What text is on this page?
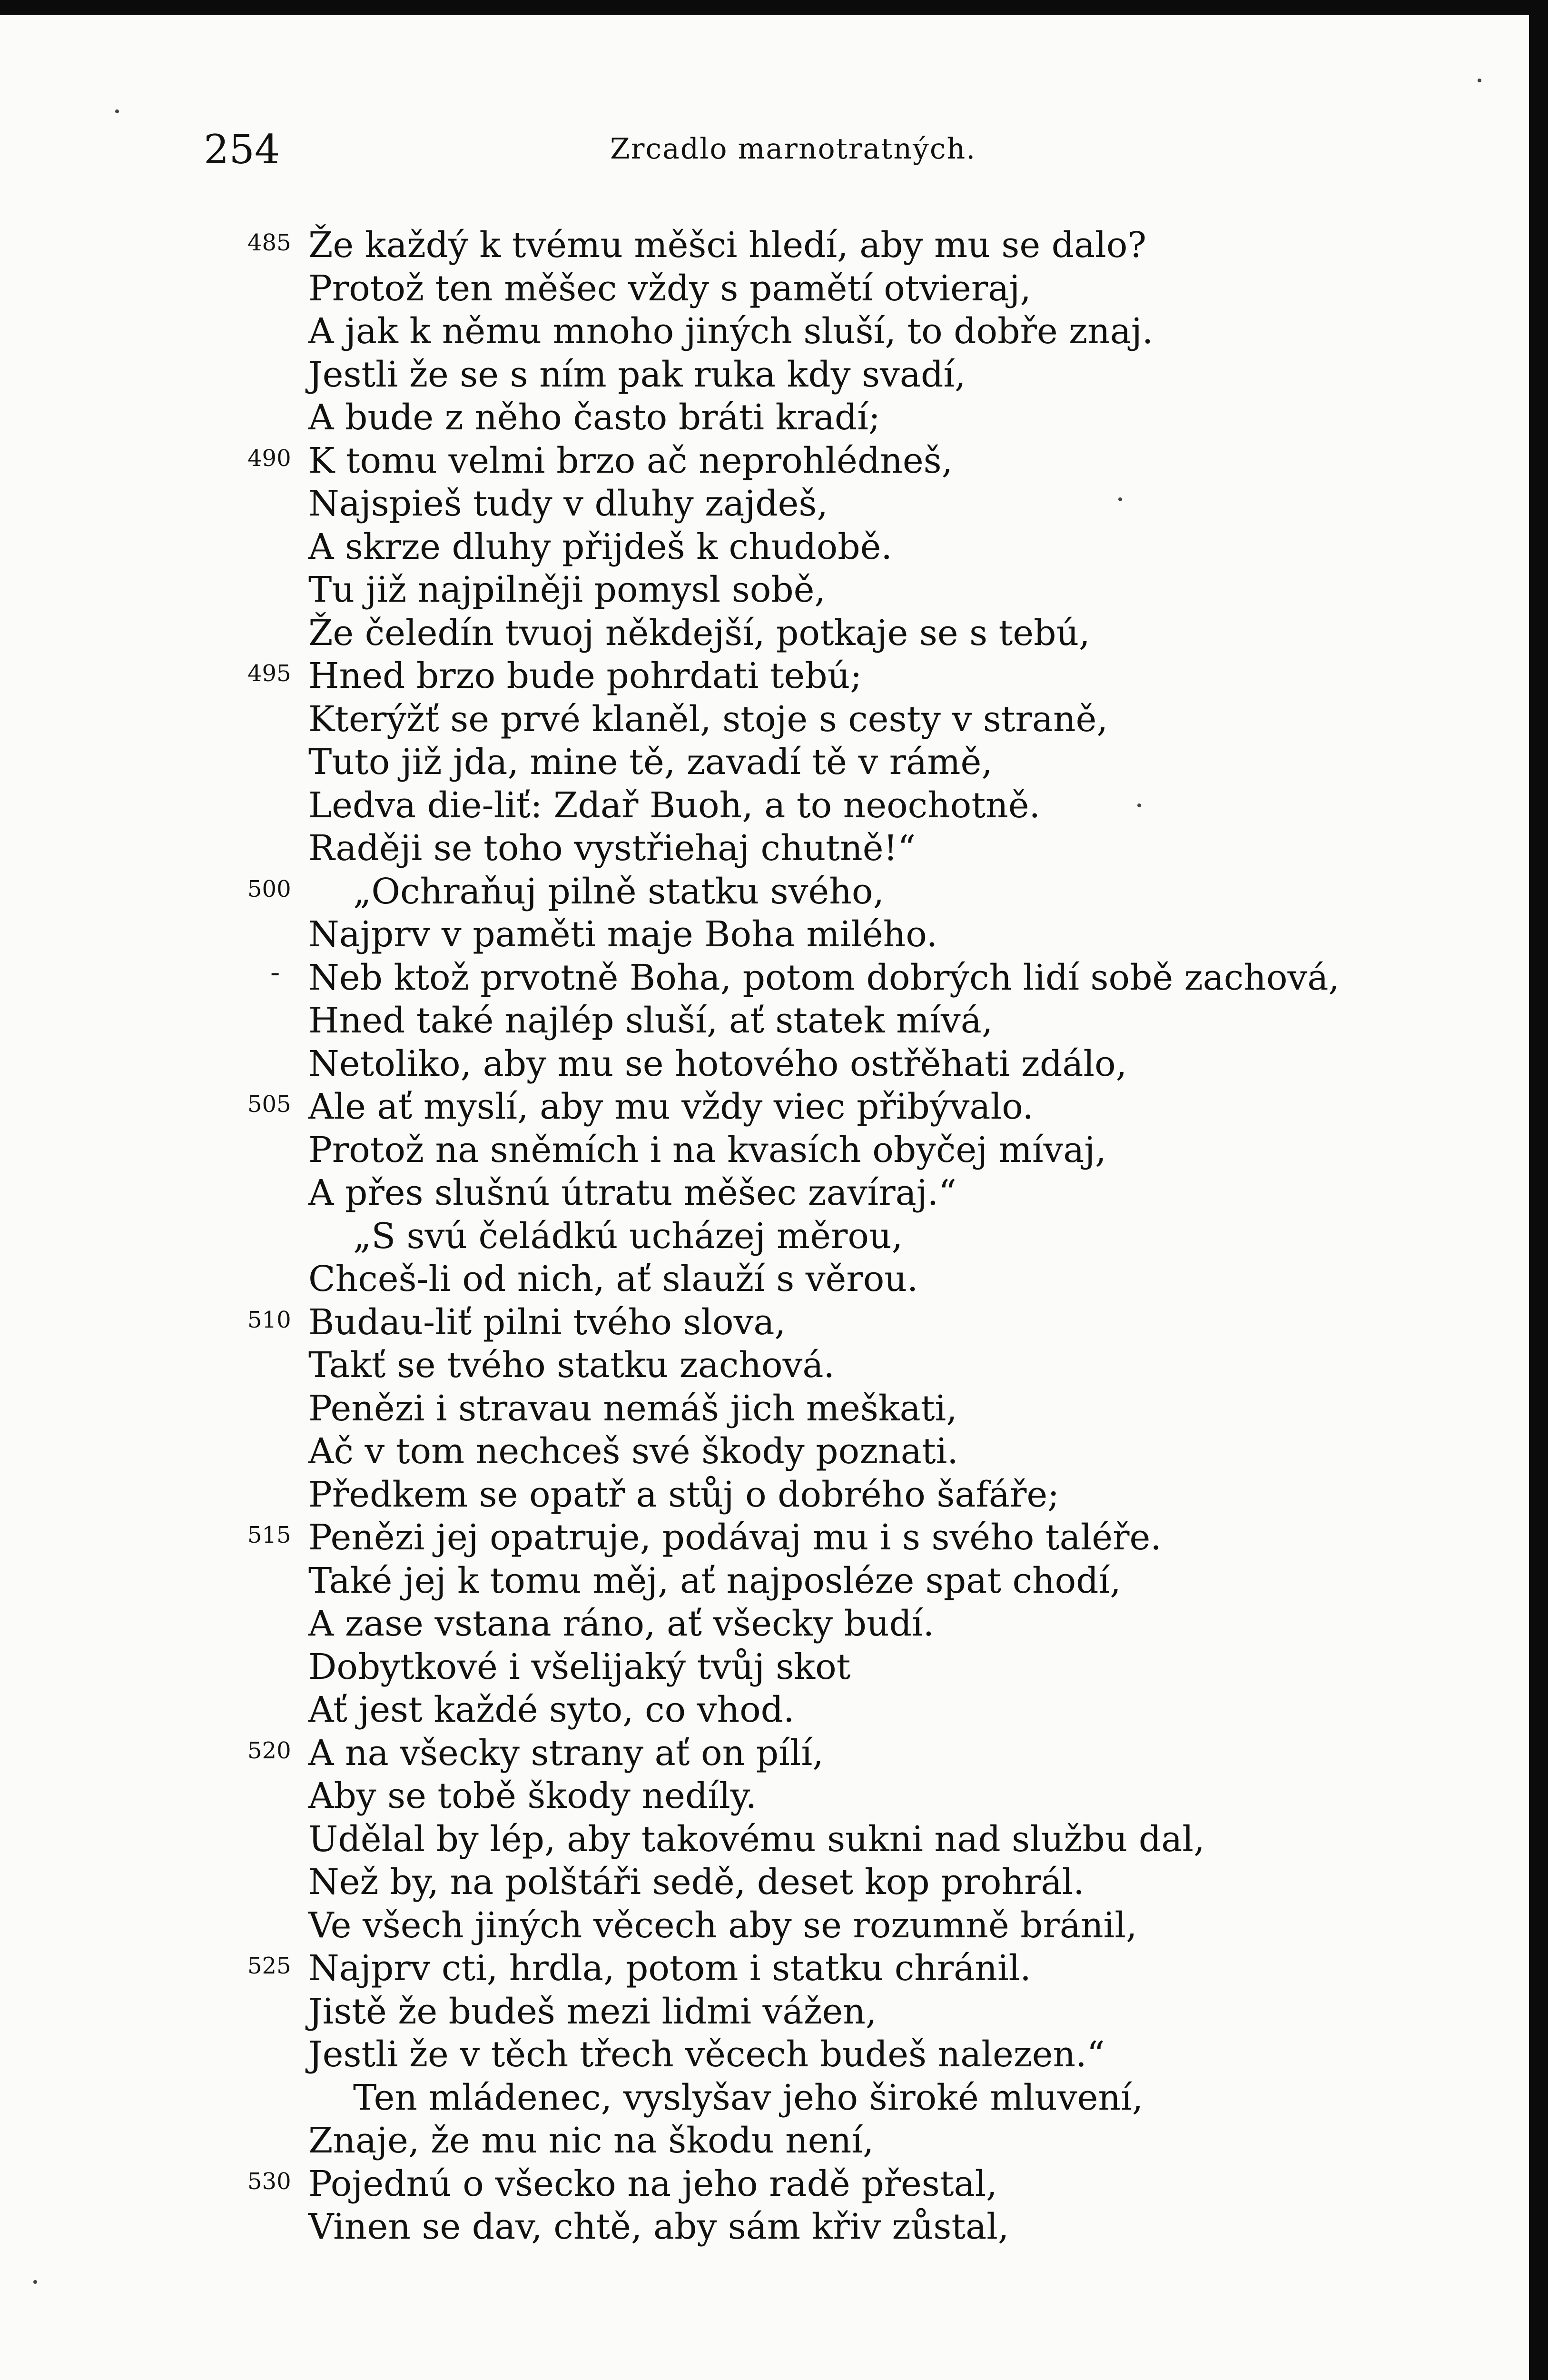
254	Zrcadlo marnotratných.
485 Že každý k tvému měšci hledí, aby mu se dalo?
Protož ten měšec vždy s pamětí otvieraj,
A jak k němu mnoho jiných sluší, to dobře znaj.
Jestli že se s ním pak ruka kdy svadí,
A bude z něho často bráti kradí;
490 K tomu velmi brzo ač neprohlédneš,
Najspieš tudy v dluhy zajdeš,
A skrze dluhy přijdeš k chudobě.
Tu již najpilněji pomysl sobě,
Že čeledín tvuoj někdejší, potkaje se s tebú,
495 Hned brzo bude pohrdati tebú;
Kterýžť se prvé klaněl, stoje s cesty v straně,
Tuto již jda, mine tě, zavadí tě v rámě,
Ledva die-liť: Zdař Buoh, a to neochotně.
Raději se toho vystřiehaj chutně!“
500 „Ochraňuj pilně statku svého,
Najprv v paměti maje Boha milého.
- Neb ktož prvotně Boha, potom dobrých lidí sobě zachová,
Hned také najlép sluší, ať statek mívá,
Netoliko, aby mu se hotového ostřěhati zdálo,
505 Ale ať myslí, aby mu vždy viec přibývalo.
Protož na sněmích i na kvasích obyčej mívaj,
A přes slušnú útratu měšec zavíraj.“
„S svú čeládkú ucházej měrou,
Chceš-li od nich, ať slauží s věrou.
510 Budau-liť pilni tvého slova,
Takť se tvého statku zachová.
Penězi i stravau nemáš jich meškati,
Ač v tom nechceš své škody poznati.
Předkem se opatř a stůj o dobrého šafáře;
515 Penězi jej opatruje, podávaj mu i s svého taléře.
Také jej k tomu měj, ať najposléze spat chodí,
A zase vstana ráno, ať všecky budí.
Dobytkové i všelijaký tvůj skot
Ať jest každé syto, co vhod.
520 A na všecky strany ať on pílí,
Aby se tobě škody nedíly.
Udělal by lép, aby takovému sukni nad službu dal,
Než by, na polštáři sedě, deset kop prohrál.
Ve všech jiných věcech aby se rozumně bránil,
525 Najprv cti, hrdla, potom i statku chránil.
Jistě že budeš mezi lidmi vážen,
Jestli že v těch třech věcech budeš nalezen.“
Ten mládenec, vyslyšav jeho široké mluvení,
Znaje, že mu nic na škodu není,
530 Pojednú o všecko na jeho radě přestal,
Vinen se dav, chtě, aby sám křiv zůstal,
